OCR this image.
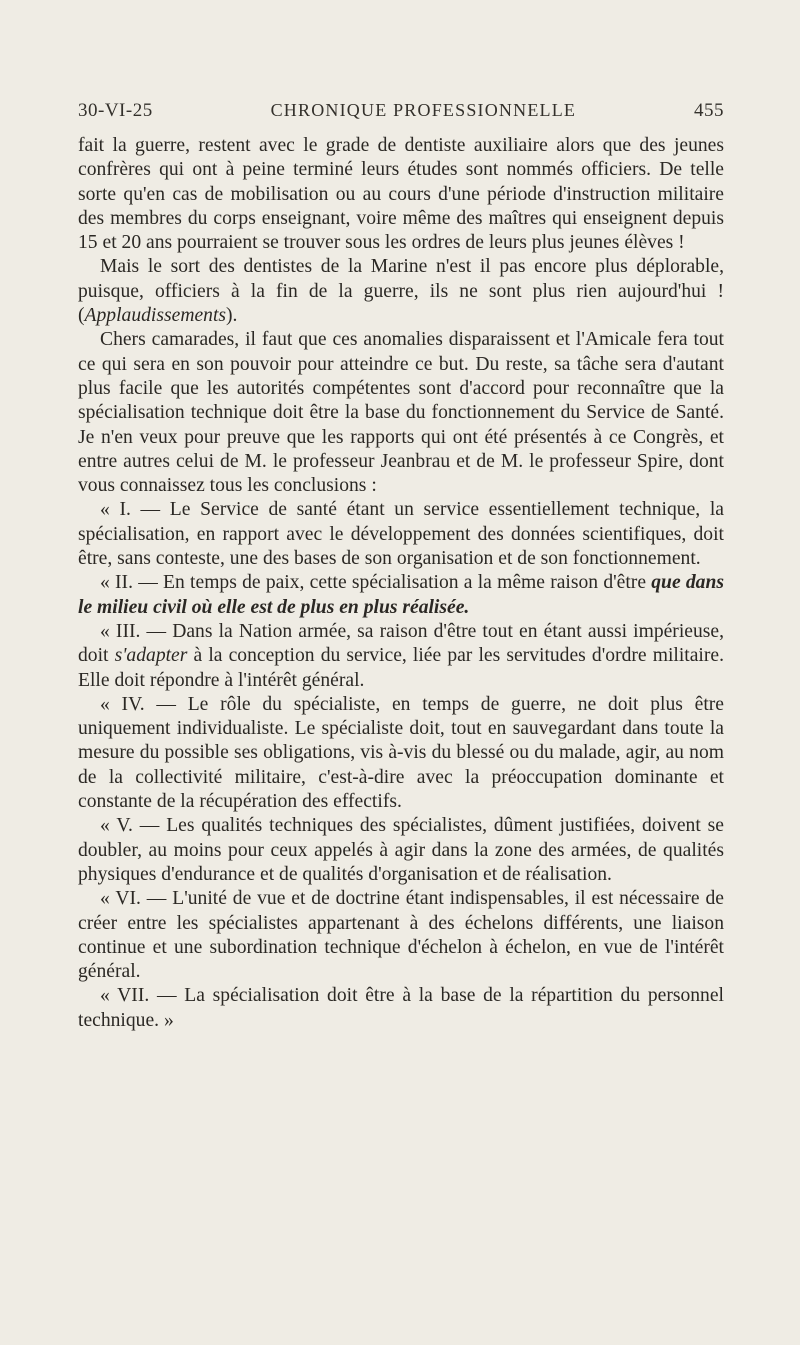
30-VI-25	CHRONIQUE PROFESSIONNELLE	455

fait la guerre, restent avec le grade de dentiste auxiliaire alors que des jeunes confrères qui ont à peine terminé leurs études sont nommés officiers. De telle sorte qu'en cas de mobilisation ou au cours d'une période d'instruction militaire des membres du corps enseignant, voire même des maîtres qui enseignent depuis 15 et 20 ans pourraient se trouver sous les ordres de leurs plus jeunes élèves !

Mais le sort des dentistes de la Marine n'est il pas encore plus déplorable, puisque, officiers à la fin de la guerre, ils ne sont plus rien aujourd'hui ! (Applaudissements).

Chers camarades, il faut que ces anomalies disparaissent et l'Amicale fera tout ce qui sera en son pouvoir pour atteindre ce but. Du reste, sa tâche sera d'autant plus facile que les autorités compétentes sont d'accord pour reconnaître que la spécialisation technique doit être la base du fonctionnement du Service de Santé. Je n'en veux pour preuve que les rapports qui ont été présentés à ce Congrès, et entre autres celui de M. le professeur Jeanbrau et de M. le professeur Spire, dont vous connaissez tous les conclusions :

« I. — Le Service de santé étant un service essentiellement technique, la spécialisation, en rapport avec le développement des données scientifiques, doit être, sans conteste, une des bases de son organisation et de son fonctionnement.

« II. — En temps de paix, cette spécialisation a la même raison d'être que dans le milieu civil où elle est de plus en plus réalisée.

« III. — Dans la Nation armée, sa raison d'être tout en étant aussi impérieuse, doit s'adapter à la conception du service, liée par les servitudes d'ordre militaire. Elle doit répondre à l'intérêt général.

« IV. — Le rôle du spécialiste, en temps de guerre, ne doit plus être uniquement individualiste. Le spécialiste doit, tout en sauvegardant dans toute la mesure du possible ses obligations, vis à-vis du blessé ou du malade, agir, au nom de la collectivité militaire, c'est-à-dire avec la préoccupation dominante et constante de la récupération des effectifs.

« V. — Les qualités techniques des spécialistes, dûment justifiées, doivent se doubler, au moins pour ceux appelés à agir dans la zone des armées, de qualités physiques d'endurance et de qualités d'organisation et de réalisation.

« VI. — L'unité de vue et de doctrine étant indispensables, il est nécessaire de créer entre les spécialistes appartenant à des échelons différents, une liaison continue et une subordination technique d'échelon à échelon, en vue de l'intérêt général.

« VII. — La spécialisation doit être à la base de la répartition du personnel technique. »
